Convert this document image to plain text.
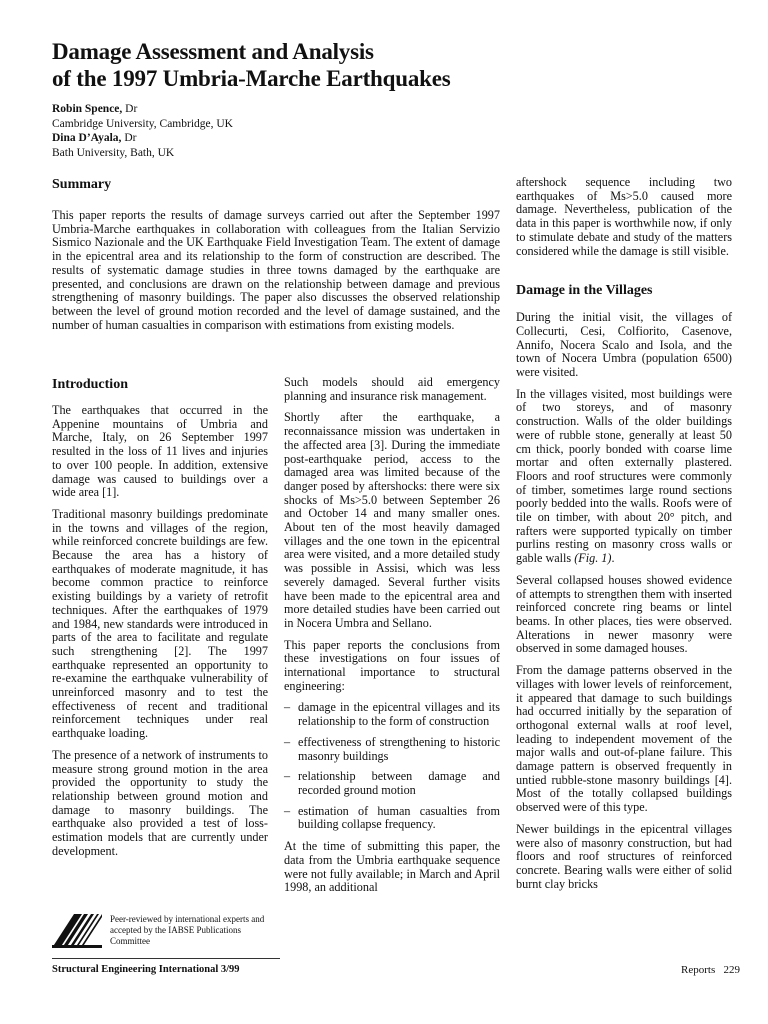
Damage Assessment and Analysis
of the 1997 Umbria-Marche Earthquakes
Robin Spence, Dr
Cambridge University, Cambridge, UK
Dina D’Ayala, Dr
Bath University, Bath, UK
Summary

This paper reports the results of damage surveys carried out after the September 1997 Umbria-Marche earthquakes in collaboration with colleagues from the Italian Servizio Sismico Nazionale and the UK Earthquake Field Investigation Team. The extent of damage in the epicentral area and its relationship to the form of construction are described. The results of systematic damage studies in three towns damaged by the earthquake are presented, and conclusions are drawn on the relationship between damage and previous strengthening of masonry buildings. The paper also discusses the observed relationship between the level of ground motion recorded and the level of damage sustained, and the number of human casualties in comparison with estimations from existing models.

Introduction

The earthquakes that occurred in the Appenine mountains of Umbria and Marche, Italy, on 26 September 1997 resulted in the loss of 11 lives and injuries to over 100 people. In addition, extensive damage was caused to buildings over a wide area [1].

Traditional masonry buildings predominate in the towns and villages of the region, while reinforced concrete buildings are few. Because the area has a history of earthquakes of moderate magnitude, it has become common practice to reinforce existing buildings by a variety of retrofit techniques. After the earthquakes of 1979 and 1984, new standards were introduced in parts of the area to facilitate and regulate such strengthening [2]. The 1997 earthquake represented an opportunity to re-examine the earthquake vulnerability of unreinforced masonry and to test the effectiveness of recent and traditional reinforcement techniques under real earthquake loading.

The presence of a network of instruments to measure strong ground motion in the area provided the opportunity to study the relationship between ground motion and damage to masonry buildings. The earthquake also provided a test of loss-estimation models that are currently under development.

Such models should aid emergency planning and insurance risk management.

Shortly after the earthquake, a reconnaissance mission was undertaken in the affected area [3]. During the immediate post-earthquake period, access to the damaged area was limited because of the danger posed by aftershocks: there were six shocks of Ms>5.0 between September 26 and October 14 and many smaller ones. About ten of the most heavily damaged villages and the one town in the epicentral area were visited, and a more detailed study was possible in Assisi, which was less severely damaged. Several further visits have been made to the epicentral area and more detailed studies have been carried out in Nocera Umbra and Sellano.

This paper reports the conclusions from these investigations on four issues of international importance to structural engineering:

– damage in the epicentral villages and its relationship to the form of construction
– effectiveness of strengthening to historic masonry buildings
– relationship between damage and recorded ground motion
– estimation of human casualties from building collapse frequency.

At the time of submitting this paper, the data from the Umbria earthquake sequence were not fully available; in March and April 1998, an additional

aftershock sequence including two earthquakes of Ms>5.0 caused more damage. Nevertheless, publication of the data in this paper is worthwhile now, if only to stimulate debate and study of the matters considered while the damage is still visible.

Damage in the Villages

During the initial visit, the villages of Collecurti, Cesi, Colfiorito, Casenove, Annifo, Nocera Scalo and Isola, and the town of Nocera Umbra (population 6500) were visited.

In the villages visited, most buildings were of two storeys, and of masonry construction. Walls of the older buildings were of rubble stone, generally at least 50 cm thick, poorly bonded with coarse lime mortar and often externally plastered. Floors and roof structures were commonly of timber, sometimes large round sections poorly bedded into the walls. Roofs were of tile on timber, with about 20° pitch, and rafters were supported typically on timber purlins resting on masonry cross walls or gable walls (Fig. 1).

Several collapsed houses showed evidence of attempts to strengthen them with inserted reinforced concrete ring beams or lintel beams. In other places, ties were observed. Alterations in newer masonry were observed in some damaged houses.

From the damage patterns observed in the villages with lower levels of reinforcement, it appeared that damage to such buildings had occurred initially by the separation of orthogonal external walls at roof level, leading to independent movement of the major walls and out-of-plane failure. This damage pattern is observed frequently in untied rubble-stone masonry buildings [4]. Most of the totally collapsed buildings observed were of this type.

Newer buildings in the epicentral villages were also of masonry construction, but had floors and roof structures of reinforced concrete. Bearing walls were either of solid burnt clay bricks

Peer-reviewed by international experts and accepted by the IABSE Publications Committee
Structural Engineering International 3/99	Reports 229
